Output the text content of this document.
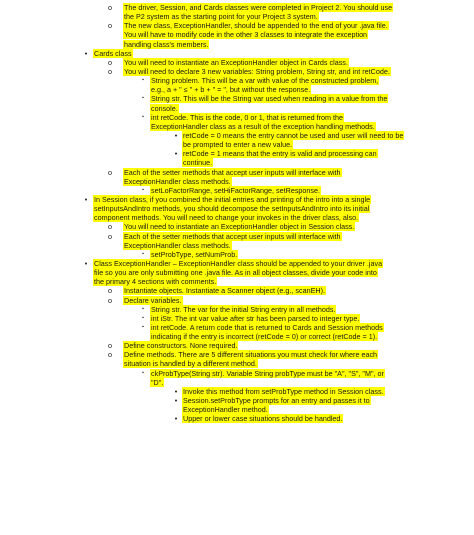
o The driver, Session, and Cards classes were completed in Project 2. You should use
the P2 system as the starting point for your Project 3 system.
o The new class, ExceptionHandler, should be appended to the end of your .java file.
You will have to modify code in the other 3 classes to integrate the exception
handling class's members.
• Cards class
o You will need to instantiate an ExceptionHandler object in Cards class.
o You will need to declare 3 new variables: String problem, String str, and int retCode.
▪ String problem. This will be a var with value of the constructed problem,
e.g., a + " ≤ " + b + " = ", but without the response.
▪ String str. This will be the String var used when reading in a value from the
console.
▪ int retCode. This is the code, 0 or 1, that is returned from the
ExceptionHandler class as a result of the exception handling methods.
• retCode = 0 means the entry cannot be used and user will need to be
be prompted to enter a new value.
• retCode = 1 means that the entry is valid and processing can
continue.
o Each of the setter methods that accept user inputs will interface with
ExceptionHandler class methods.
▪ setLoFactorRange, setHiFactorRange, setResponse.
• In Session class, if you combined the initial entries and printing of the intro into a single
setInputsAndIntro methods, you should decompose the setInputsAndIntro into its initial
component methods. You will need to change your invokes in the driver class, also.
o You will need to instantiate an ExceptionHandler object in Session class.
o Each of the setter methods that accept user inputs will interface with
ExceptionHandler class methods.
▪ setProbType, setNumProb.
• Class ExceptionHandler – ExceptionHandler class should be appended to your driver .java
file so you are only submitting one .java file. As in all object classes, divide your code into
the primary 4 sections with comments.
o Instantiate objects. Instantiate a Scanner object (e.g., scanEH).
o Declare variables.
▪ String str. The var for the initial String entry in all methods.
▪ int iStr. The int var value after str has been parsed to integer type.
▪ int retCode. A return code that is returned to Cards and Session methods
indicating if the entry is incorrect (retCode = 0) or correct (retCode = 1).
o Define constructors. None required.
o Define methods. There are 5 different situations you must check for where each
situation is handled by a different method.
▪ ckProbType(String str). Variable String probType must be "A", "S", "M", or
"D".
• Invoke this method from setProbType method in Session class.
• Session.setProbType prompts for an entry and passes it to
ExceptionHandler method.
• Upper or lower case situations should be handled.
